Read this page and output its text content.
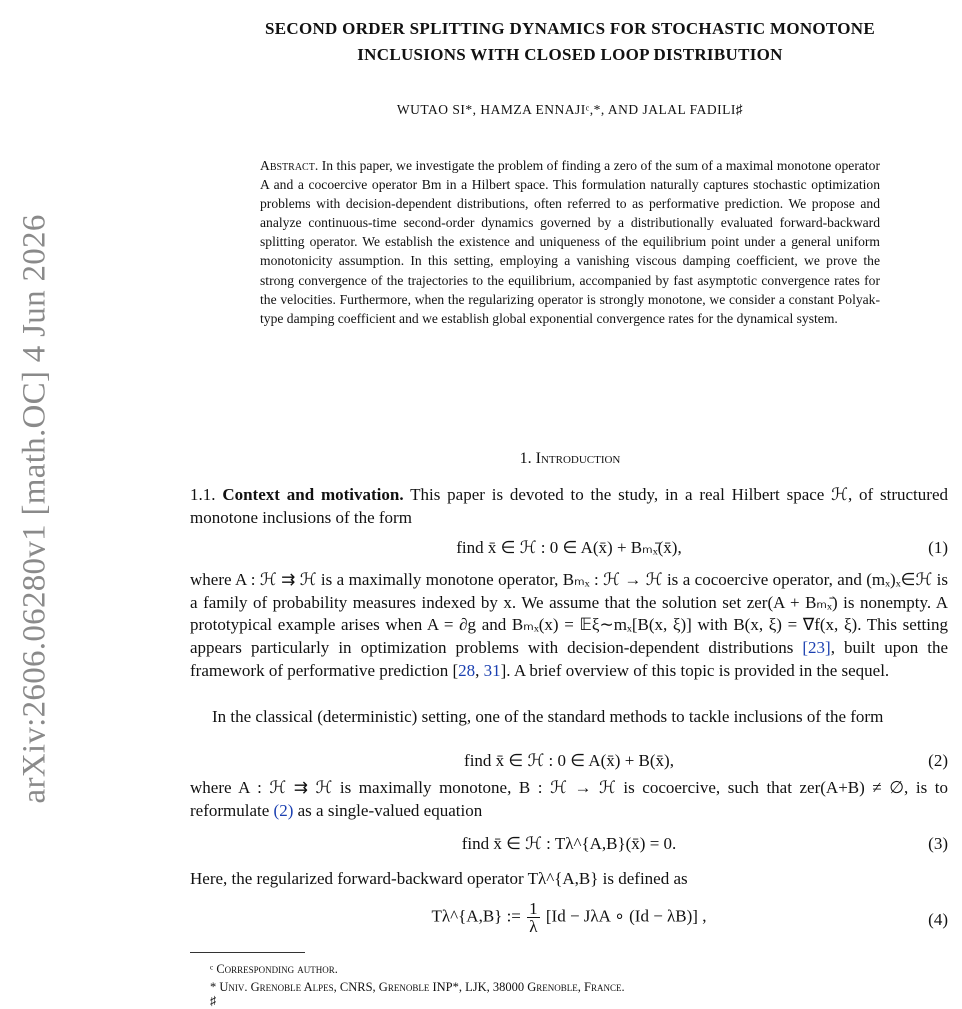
arXiv:2606.06280v1 [math.OC] 4 Jun 2026
SECOND ORDER SPLITTING DYNAMICS FOR STOCHASTIC MONOTONE
INCLUSIONS WITH CLOSED LOOP DISTRIBUTION
WUTAO SI*, HAMZA ENNAJIᶜ,*, AND JALAL FADILI♯
Abstract. In this paper, we investigate the problem of finding a zero of the sum of a maximal monotone operator A and a cocoercive operator Bm in a Hilbert space. This formulation naturally captures stochastic optimization problems with decision-dependent distributions, often referred to as performative prediction. We propose and analyze continuous-time second-order dynamics governed by a distributionally evaluated forward-backward splitting operator. We establish the existence and uniqueness of the equilibrium point under a general uniform monotonicity assumption. In this setting, employing a vanishing viscous damping coefficient, we prove the strong convergence of the trajectories to the equilibrium, accompanied by fast asymptotic convergence rates for the velocities. Furthermore, when the regularizing operator is strongly monotone, we consider a constant Polyak-type damping coefficient and we establish global exponential convergence rates for the dynamical system.
1. Introduction
1.1. Context and motivation. This paper is devoted to the study, in a real Hilbert space ℋ, of structured monotone inclusions of the form
find x̄ ∈ ℋ : 0 ∈ A(x̄) + Bₘₓ̄(x̄),	(1)
where A : ℋ ⇉ ℋ is a maximally monotone operator, Bₘₓ : ℋ → ℋ is a cocoercive operator, and (mₓ)ₓ∈ℋ is a family of probability measures indexed by x. We assume that the solution set zer(A + Bₘₓ̄) is nonempty. A prototypical example arises when A = ∂g and Bₘₓ(x) = 𝔼ξ∼mₓ[B(x, ξ)] with B(x, ξ) = ∇f(x, ξ). This setting appears particularly in optimization problems with decision-dependent distributions [23], built upon the framework of performative prediction [28, 31]. A brief overview of this topic is provided in the sequel.
In the classical (deterministic) setting, one of the standard methods to tackle inclusions of the form
find x̄ ∈ ℋ : 0 ∈ A(x̄) + B(x̄),	(2)
where A : ℋ ⇉ ℋ is maximally monotone, B : ℋ → ℋ is cocoercive, such that zer(A+B) ≠ ∅, is to reformulate (2) as a single-valued equation
find x̄ ∈ ℋ : Tλ^{A,B}(x̄) = 0.	(3)
Here, the regularized forward-backward operator Tλ^{A,B} is defined as
Tλ^{A,B} := $\frac{1}{\lambda} [Id - J\lambda A$ ∘ (Id − λB)] ,	(4)
ᶜ Corresponding author.
* Univ. Grenoble Alpes, CNRS, Grenoble INP*, LJK, 38000 Grenoble, France.
♯
